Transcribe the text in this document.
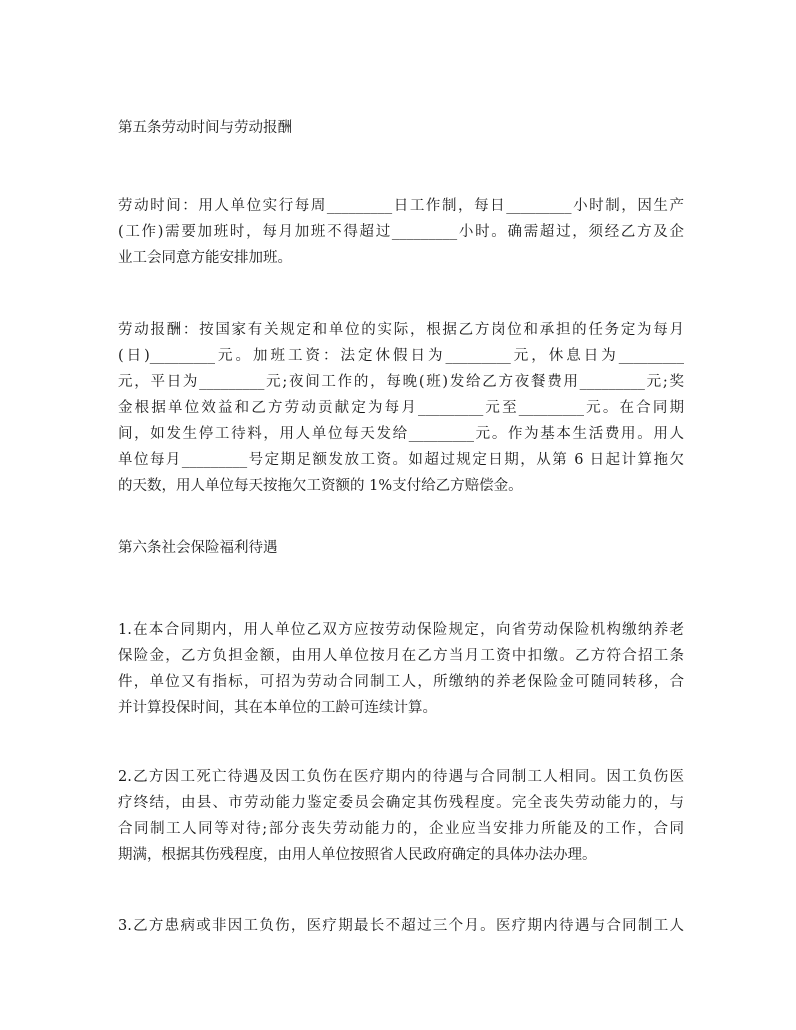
第五条劳动时间与劳动报酬
劳动时间：用人单位实行每周_________日工作制，每日_________小时制，因生产
(工作)需要加班时，每月加班不得超过_________小时。确需超过，须经乙方及企
业工会同意方能安排加班。
劳动报酬：按国家有关规定和单位的实际，根据乙方岗位和承担的任务定为每月
(日)_________元。加班工资：法定休假日为_________元，休息日为_________
元，平日为_________元;夜间工作的，每晚(班)发给乙方夜餐费用_________元;奖
金根据单位效益和乙方劳动贡献定为每月_________元至_________元。在合同期
间，如发生停工待料，用人单位每天发给_________元。作为基本生活费用。用人
单位每月_________号定期足额发放工资。如超过规定日期，从第 6 日起计算拖欠
的天数，用人单位每天按拖欠工资额的 1%支付给乙方赔偿金。
第六条社会保险福利待遇
1.在本合同期内，用人单位乙双方应按劳动保险规定，向省劳动保险机构缴纳养老
保险金，乙方负担金额，由用人单位按月在乙方当月工资中扣缴。乙方符合招工条
件，单位又有指标，可招为劳动合同制工人，所缴纳的养老保险金可随同转移，合
并计算投保时间，其在本单位的工龄可连续计算。
2.乙方因工死亡待遇及因工负伤在医疗期内的待遇与合同制工人相同。因工负伤医
疗终结，由县、市劳动能力鉴定委员会确定其伤残程度。完全丧失劳动能力的，与
合同制工人同等对待;部分丧失劳动能力的，企业应当安排力所能及的工作，合同
期满，根据其伤残程度，由用人单位按照省人民政府确定的具体办法办理。
3.乙方患病或非因工负伤，医疗期最长不超过三个月。医疗期内待遇与合同制工人
